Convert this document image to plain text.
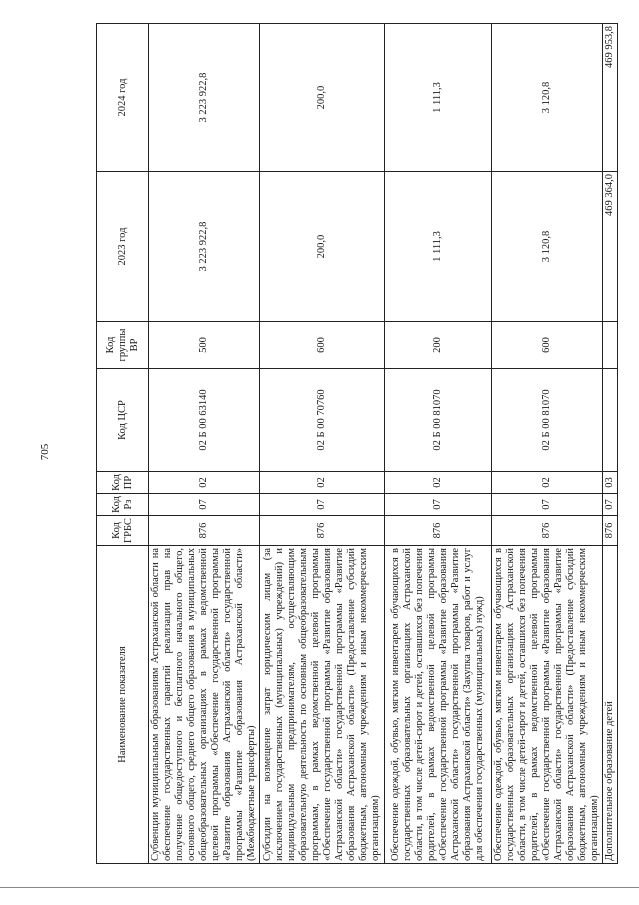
705
Наименование показателя	Код ГРБС	Код Рз	Код ПР	Код ЦСР	Код группы ВР	2023 год	2024 год
Субвенции муниципальным образованиям Астраханской области на обеспечение государственных гарантий реализации прав на получение общедоступного и бесплатного начального общего, основного общего, среднего общего образования в муниципальных общеобразовательных организациях в рамках ведомственной целевой программы «Обеспечение государственной программы «Развитие образования Астраханской области» государственной программы «Развитие образования Астраханской области» (Межбюджетные трансферты)	876	07	02	02 Б 00 63140	500	3 223 922,8	3 223 922,8
Субсидии на возмещение затрат юридическим лицам (за исключением государственных (муниципальных) учреждений) и индивидуальным предпринимателям, осуществляющим образовательную деятельность по основным общеобразовательным программам, в рамках ведомственной целевой программы «Обеспечение государственной программы «Развитие образования Астраханской области» государственной программы «Развитие образования Астраханской области» (Предоставление субсидий бюджетным, автономным учреждениям и иным некоммерческим организациям)	876	07	02	02 Б 00 70760	600	200,0	200,0
Обеспечение одеждой, обувью, мягким инвентарем обучающихся в государственных образовательных организациях Астраханской области, в том числе детей-сирот и детей, оставшихся без попечения родителей, в рамках ведомственной целевой программы «Обеспечение государственной программы «Развитие образования Астраханской области» государственной программы «Развитие образования Астраханской области» (Закупка товаров, работ и услуг для обеспечения государственных (муниципальных) нужд)	876	07	02	02 Б 00 81070	200	1 111,3	1 111,3
Обеспечение одеждой, обувью, мягким инвентарем обучающихся в государственных образовательных организациях Астраханской области, в том числе детей-сирот и детей, оставшихся без попечения родителей, в рамках ведомственной целевой программы «Обеспечение государственной программы «Развитие образования Астраханской области» государственной программы «Развитие образования Астраханской области» (Предоставление субсидий бюджетным, автономным учреждениям и иным некоммерческим организациям)	876	07	02	02 Б 00 81070	600	3 120,8	3 120,8
Дополнительное образование детей	876	07	03			469 364,0	469 953,8
